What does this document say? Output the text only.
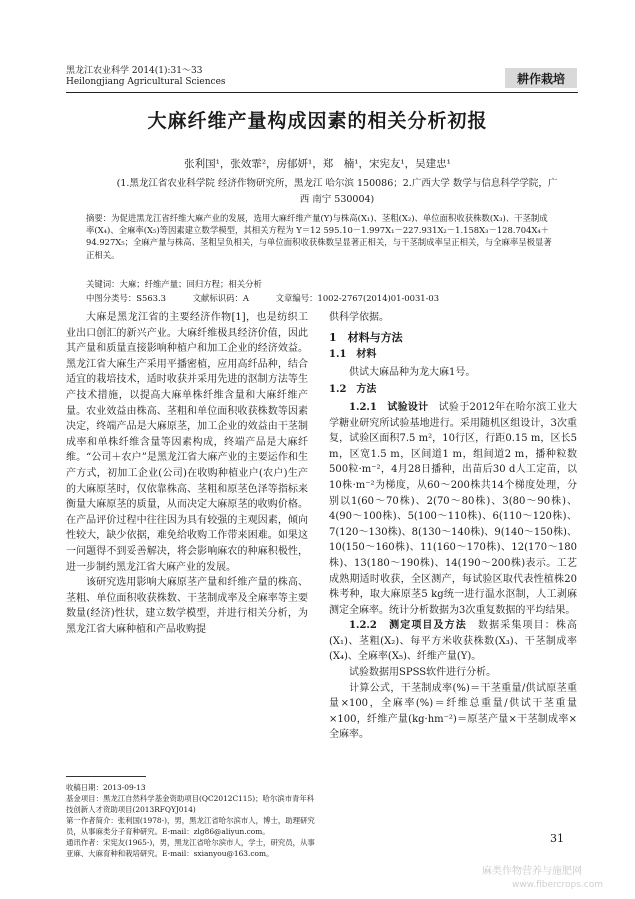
黑龙江农业科学 2014(1):31～33
Heilongjiang Agricultural Sciences	耕作栽培
大麻纤维产量构成因素的相关分析初报
张利国¹，张效霏²，房郁妍¹，郑　楠¹，宋宪友¹，吴建忠¹
(1.黑龙江省农业科学院 经济作物研究所，黑龙江 哈尔滨 150086；2.广西大学 数学与信息科学学院，广西 南宁 530004)
摘要：为促进黑龙江省纤维大麻产业的发展，选用大麻纤维产量(Y)与株高(X₁)、茎粗(X₂)、单位面积收获株数(X₃)、干茎制成率(X₄)、全麻率(X₅)等因素建立数学模型，其相关方程为 Y＝12 595.10－1.997X₁－227.931X₂－1.158X₃－128.704X₄＋94.927X₅；全麻产量与株高、茎粗呈负相关，与单位面积收获株数呈显著正相关，与干茎制成率呈正相关，与全麻率呈极显著正相关。
关键词：大麻；纤维产量；回归方程；相关分析
中图分类号：S563.3	文献标识码：A	文章编号：1002-2767(2014)01-0031-03

大麻是黑龙江省的主要经济作物[1]，也是纺织工业出口创汇的新兴产业。大麻纤维极具经济价值，因此其产量和质量直接影响种植户和加工企业的经济效益。黑龙江省大麻生产采用平播密植，应用高纤品种，结合适宜的栽培技术，适时收获并采用先进的沤制方法等生产技术措施，以提高大麻单株纤维含量和大麻纤维产量。农业效益由株高、茎粗和单位面积收获株数等因素决定，终端产品是大麻原茎，加工企业的效益由干茎制成率和单株纤维含量等因素构成，终端产品是大麻纤维。“公司＋农户”是黑龙江省大麻产业的主要运作和生产方式，初加工企业(公司)在收购种植业户(农户)生产的大麻原茎时，仅依靠株高、茎粗和原茎色泽等指标来衡量大麻原茎的质量，从而决定大麻原茎的收购价格。在产品评价过程中往往因为具有较强的主观因素，倾向性较大，缺少依据，难免给收购工作带来困难。如果这一问题得不到妥善解决，将会影响麻农的种麻积极性，进一步制约黑龙江省大麻产业的发展。

该研究选用影响大麻原茎产量和纤维产量的株高、茎粗、单位面积收获株数、干茎制成率及全麻率等主要数量(经济)性状，建立数学模型，并进行相关分析，为黑龙江省大麻种植和产品收购提

供科学依据。
1　材料与方法
1.1　材料

供试大麻品种为龙大麻1号。

1.2　方法

1.2.1　试验设计　 试验于2012年在哈尔滨工业大学糖业研究所试验基地进行。采用随机区组设计，3次重复，试验区面积7.5 m²，10行区，行距0.15 m，区长5 m，区宽1.5 m，区间道1 m，组间道2 m，播种粒数500粒·m⁻²，4月28日播种，出苗后30 d人工定苗，以10株·m⁻²为梯度，从60～200株共14个梯度处理，分别以1(60～70株)、2(70～80株)、3(80～90株)、4(90～100株)、5(100～110株)、6(110～120株)、7(120～130株)、8(130～140株)、9(140～150株)、10(150～160株)、11(160～170株)、12(170～180株)、13(180～190株)、14(190～200株)表示。工艺成熟期适时收获，全区测产，每试验区取代表性植株20株考种，取大麻原茎5 kg统一进行温水沤制，人工剥麻测定全麻率。统计分析数据为3次重复数据的平均结果。

1.2.2　测定项目及方法　 数据采集项目：株高(X₁)、茎粗(X₂)、每平方米收获株数(X₃)、干茎制成率(X₄)、全麻率(X₅)、纤维产量(Y)。

试验数据用SPSS软件进行分析。

计算公式，干茎制成率(%)＝干茎重量/供试原茎重量×100，全麻率(%)＝纤维总重量/供试干茎重量×100，纤维产量(kg·hm⁻²)＝原茎产量×干茎制成率×全麻率。

收稿日期：2013-09-13
基金项目：黑龙江自然科学基金资助项目(QC2012C115)；哈尔滨市青年科技创新人才资助项目(2013RFQYJ014)
第一作者简介：张利国(1978-)，男，黑龙江省哈尔滨市人，博士，助理研究员，从事麻类分子育种研究。E-mail：zlg86@aliyun.com。
通讯作者：宋宪友(1965-)，男，黑龙江省哈尔滨市人，学士，研究员，从事亚麻、大麻育种和栽培研究。E-mail：sxianyou@163.com。
31
麻类作物营养与施肥网
www.fibercrops.com
